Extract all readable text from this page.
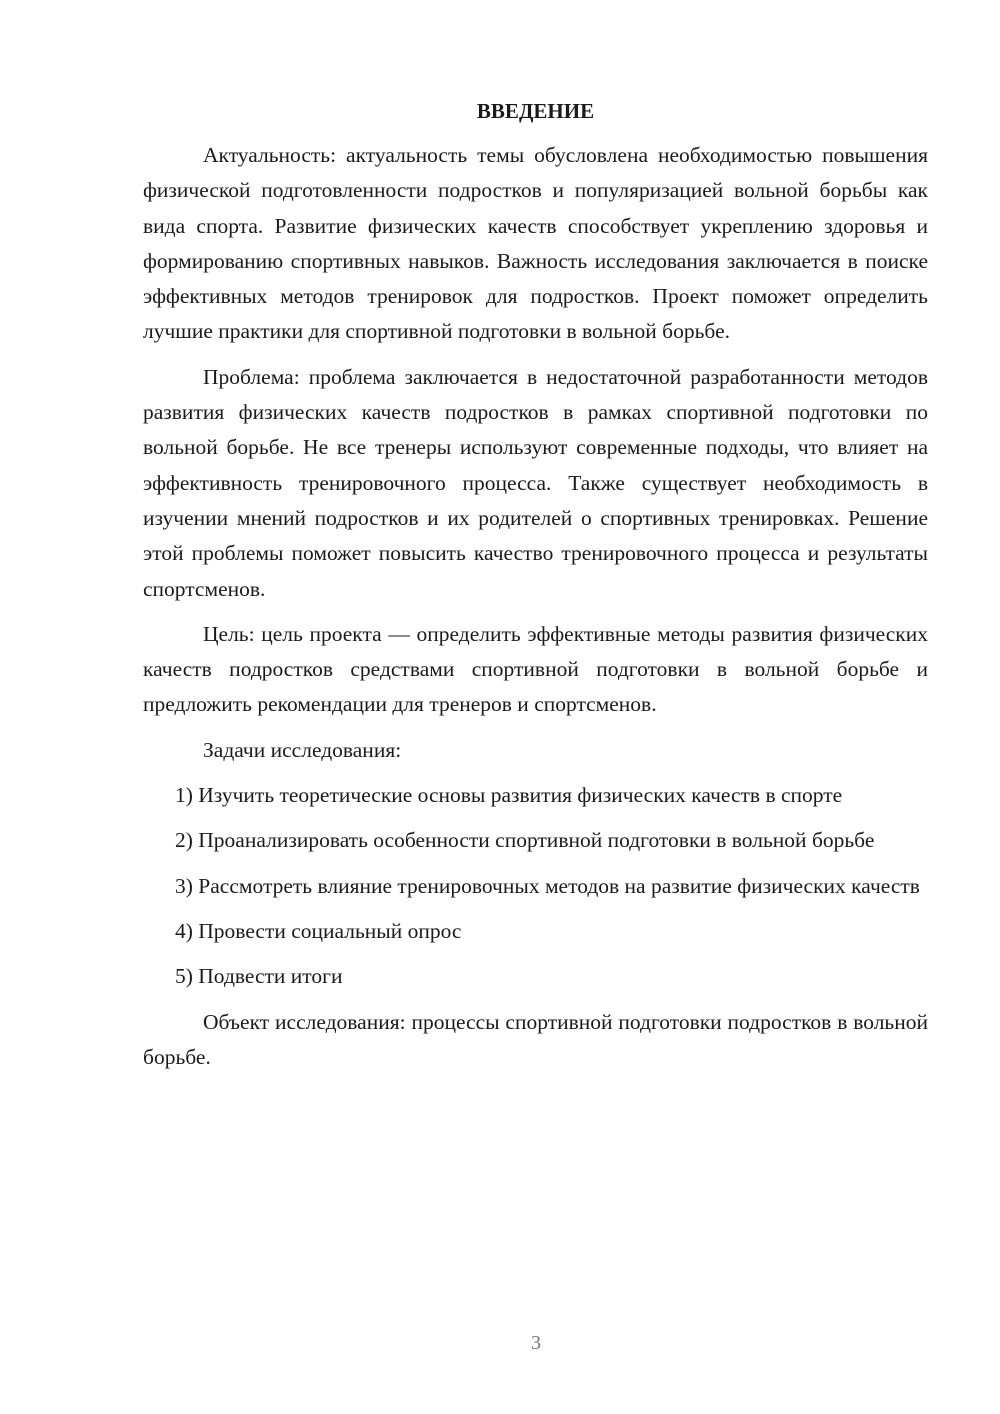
ВВЕДЕНИЕ

Актуальность: актуальность темы обусловлена необходимостью повышения физической подготовленности подростков и популяризацией вольной борьбы как вида спорта. Развитие физических качеств способствует укреплению здоровья и формированию спортивных навыков. Важность исследования заключается в поиске эффективных методов тренировок для подростков. Проект поможет определить лучшие практики для спортивной подготовки в вольной борьбе.

Проблема: проблема заключается в недостаточной разработанности методов развития физических качеств подростков в рамках спортивной подготовки по вольной борьбе. Не все тренеры используют современные подходы, что влияет на эффективность тренировочного процесса. Также существует необходимость в изучении мнений подростков и их родителей о спортивных тренировках. Решение этой проблемы поможет повысить качество тренировочного процесса и результаты спортсменов.

Цель: цель проекта — определить эффективные методы развития физических качеств подростков средствами спортивной подготовки в вольной борьбе и предложить рекомендации для тренеров и спортсменов.

Задачи исследования:

1) Изучить теоретические основы развития физических качеств в спорте

2) Проанализировать особенности спортивной подготовки в вольной борьбе

3) Рассмотреть влияние тренировочных методов на развитие физических качеств

4) Провести социальный опрос

5) Подвести итоги

Объект исследования: процессы спортивной подготовки подростков в вольной борьбе.

3
